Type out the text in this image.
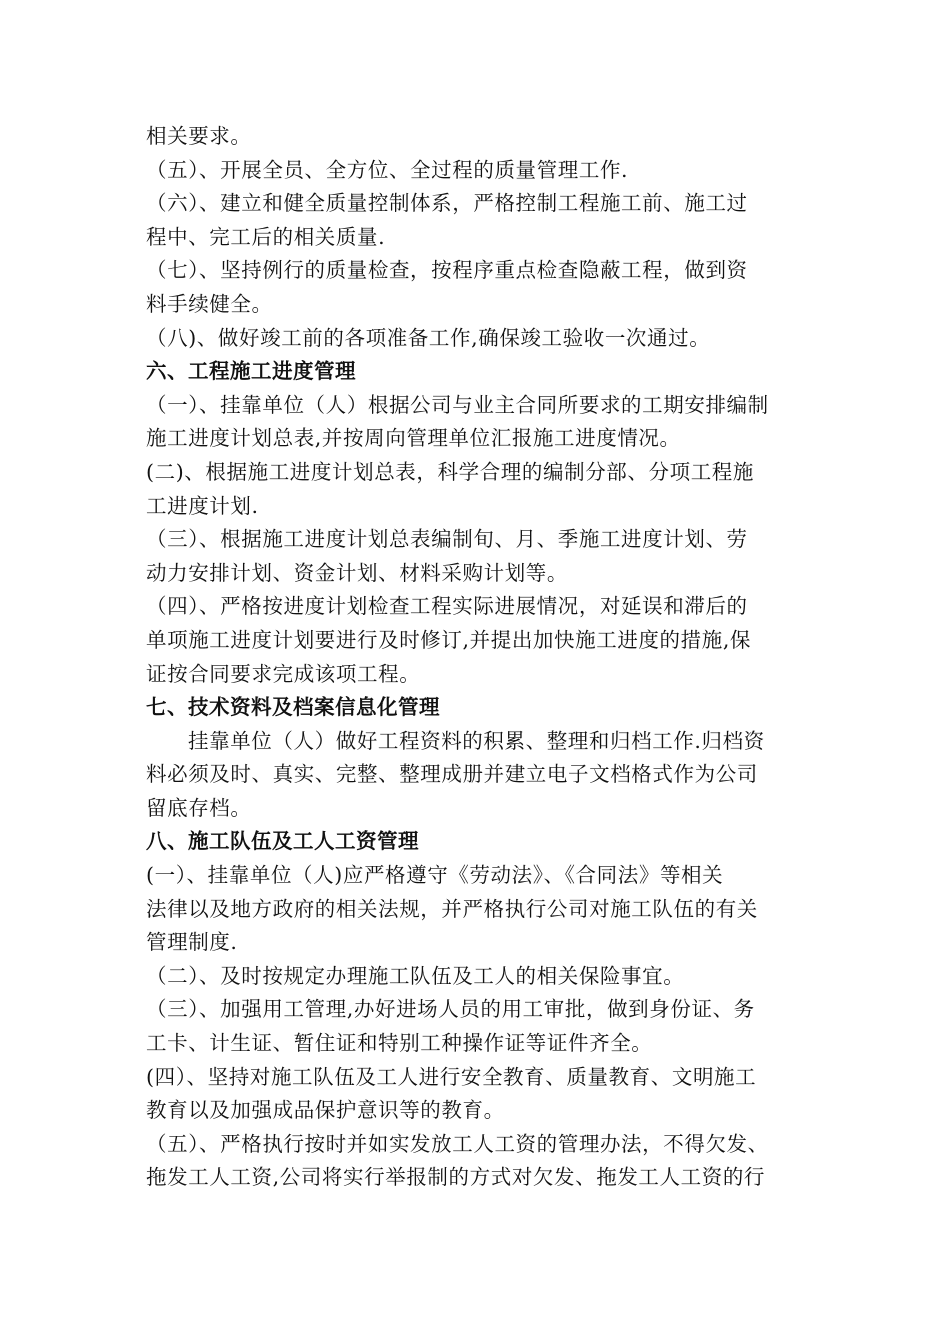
相关要求。
（五）、开展全员、全方位、全过程的质量管理工作.
（六）、建立和健全质量控制体系，严格控制工程施工前、施工过
程中、完工后的相关质量.
（七）、坚持例行的质量检查，按程序重点检查隐蔽工程，做到资
料手续健全。
（八)、做好竣工前的各项准备工作,确保竣工验收一次通过。
六、工程施工进度管理
（一）、挂靠单位（人）根据公司与业主合同所要求的工期安排编制
施工进度计划总表,并按周向管理单位汇报施工进度情况。
(二)、根据施工进度计划总表，科学合理的编制分部、分项工程施
工进度计划.
（三）、根据施工进度计划总表编制旬、月、季施工进度计划、劳
动力安排计划、资金计划、材料采购计划等。
（四）、严格按进度计划检查工程实际进展情况，对延误和滞后的
单项施工进度计划要进行及时修订,并提出加快施工进度的措施,保
证按合同要求完成该项工程。
七、技术资料及档案信息化管理
挂靠单位（人）做好工程资料的积累、整理和归档工作.归档资
料必须及时、真实、完整、整理成册并建立电子文档格式作为公司
留底存档。
八、施工队伍及工人工资管理
(一）、挂靠单位（人)应严格遵守《劳动法》、《合同法》等相关
法律以及地方政府的相关法规，并严格执行公司对施工队伍的有关
管理制度.
（二）、及时按规定办理施工队伍及工人的相关保险事宜。
（三）、加强用工管理,办好进场人员的用工审批，做到身份证、务
工卡、计生证、暂住证和特别工种操作证等证件齐全。
(四）、坚持对施工队伍及工人进行安全教育、质量教育、文明施工
教育以及加强成品保护意识等的教育。
（五）、严格执行按时并如实发放工人工资的管理办法，不得欠发、
拖发工人工资,公司将实行举报制的方式对欠发、拖发工人工资的行
